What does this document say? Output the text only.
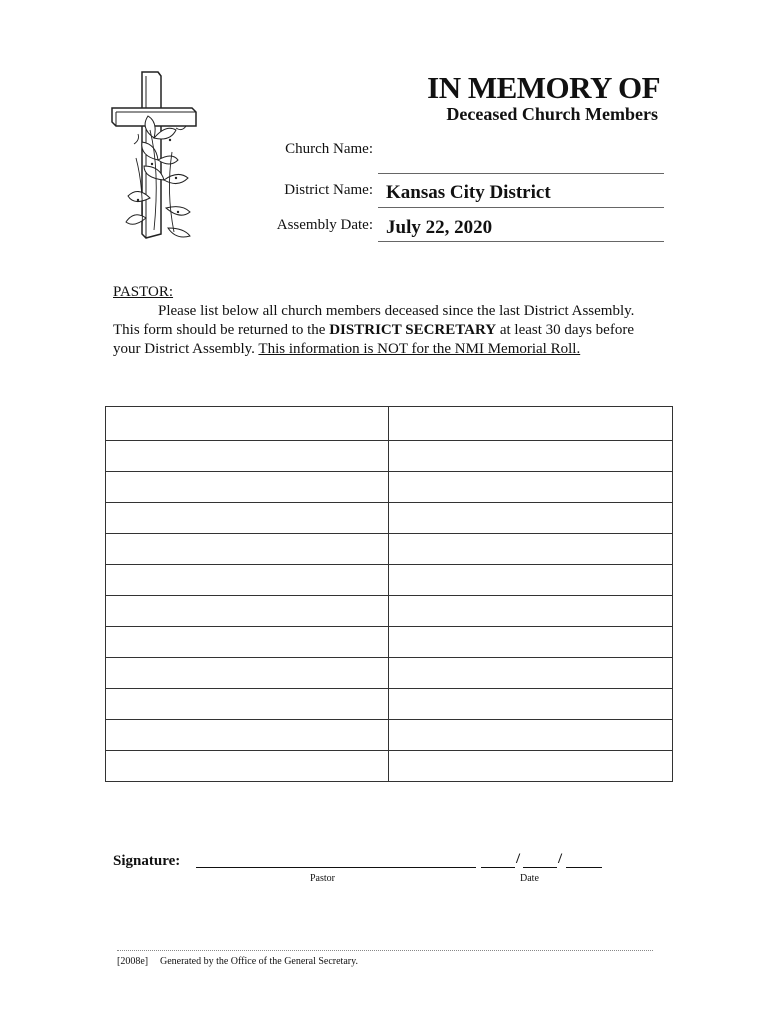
IN MEMORY OF
Deceased Church Members
Church Name:
District Name: Kansas City District
Assembly Date: July 22, 2020
PASTOR:
Please list below all church members deceased since the last District Assembly.
This form should be returned to the DISTRICT SECRETARY at least 30 days before
your District Assembly. This information is NOT for the NMI Memorial Roll.

Signature:	/	/
Pastor	Date
[2008e] Generated by the Office of the General Secretary.
